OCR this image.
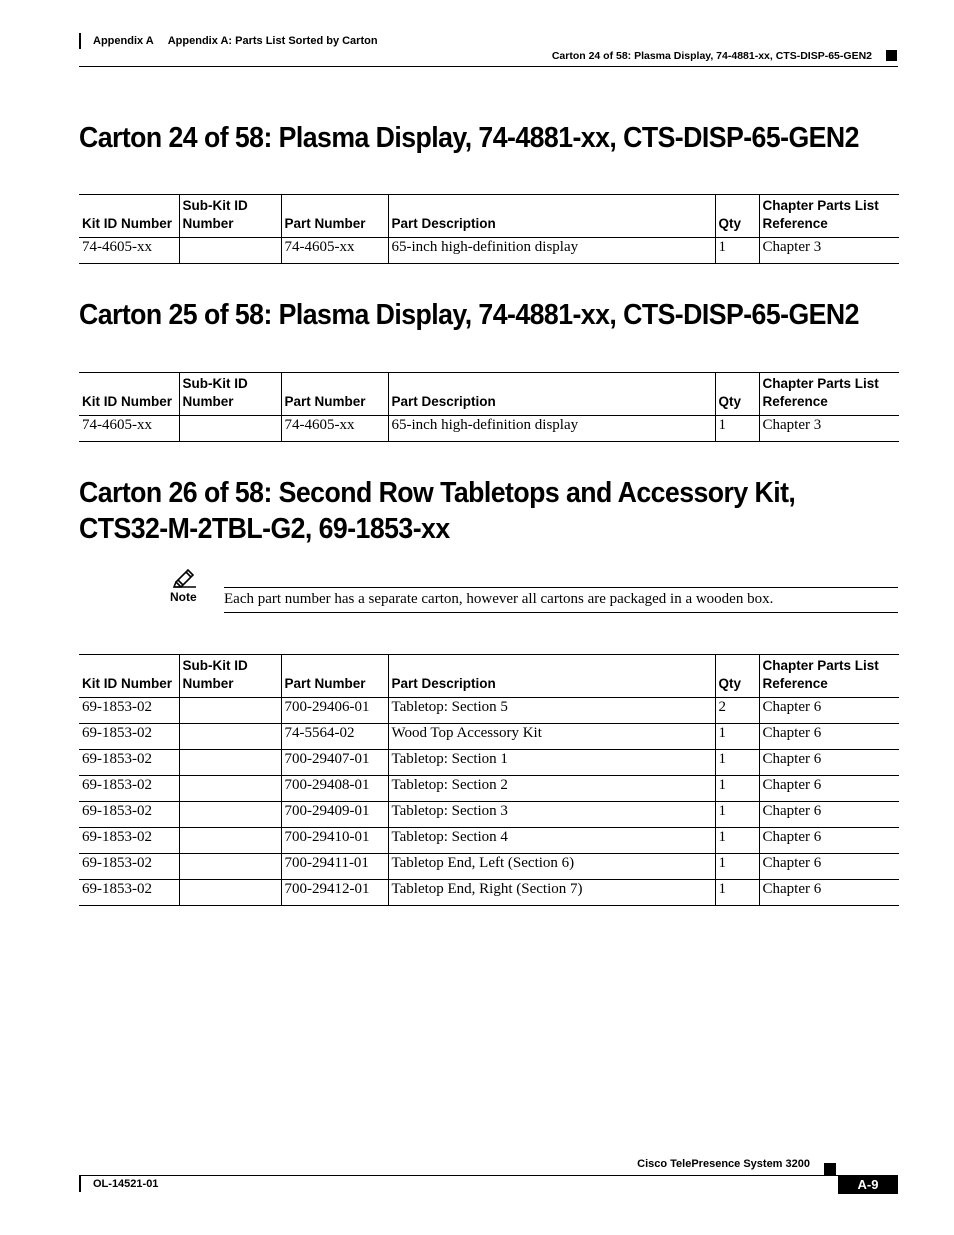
Appendix A Appendix A: Parts List Sorted by Carton
Carton 24 of 58: Plasma Display, 74-4881-xx, CTS-DISP-65-GEN2
Carton 24 of 58: Plasma Display, 74-4881-xx, CTS-DISP-65-GEN2
Kit ID Number	Sub-Kit ID Number	Part Number	Part Description	Qty	Chapter Parts List Reference
74-4605-xx		74-4605-xx	65-inch high-definition display	1	Chapter 3
Carton 25 of 58: Plasma Display, 74-4881-xx, CTS-DISP-65-GEN2
Kit ID Number	Sub-Kit ID Number	Part Number	Part Description	Qty	Chapter Parts List Reference
74-4605-xx		74-4605-xx	65-inch high-definition display	1	Chapter 3
Carton 26 of 58: Second Row Tabletops and Accessory Kit,
CTS32-M-2TBL-G2, 69-1853-xx
Note Each part number has a separate carton, however all cartons are packaged in a wooden box.
Kit ID Number	Sub-Kit ID Number	Part Number	Part Description	Qty	Chapter Parts List Reference
69-1853-02		700-29406-01	Tabletop: Section 5	2	Chapter 6
69-1853-02		74-5564-02	Wood Top Accessory Kit	1	Chapter 6
69-1853-02		700-29407-01	Tabletop: Section 1	1	Chapter 6
69-1853-02		700-29408-01	Tabletop: Section 2	1	Chapter 6
69-1853-02		700-29409-01	Tabletop: Section 3	1	Chapter 6
69-1853-02		700-29410-01	Tabletop: Section 4	1	Chapter 6
69-1853-02		700-29411-01	Tabletop End, Left (Section 6)	1	Chapter 6
69-1853-02		700-29412-01	Tabletop End, Right (Section 7)	1	Chapter 6
Cisco TelePresence System 3200
OL-14521-01	A-9
